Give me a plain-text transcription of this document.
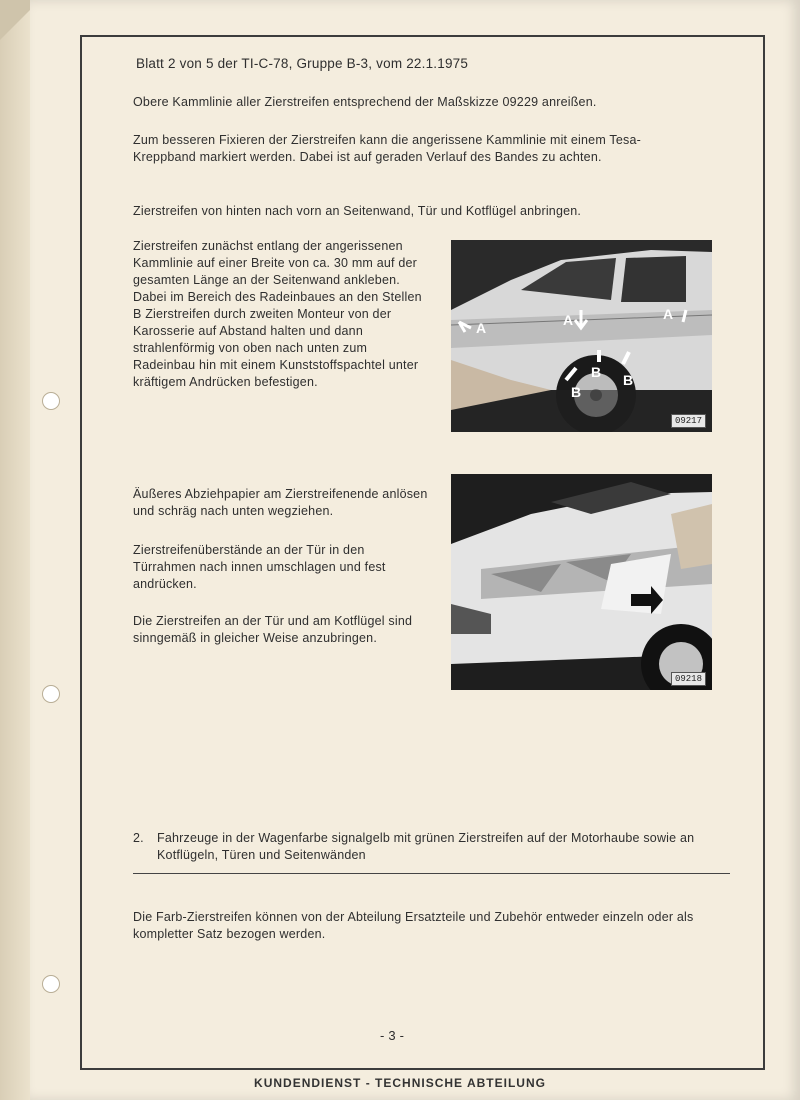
Blatt 2 von 5 der TI-C-78, Gruppe B-3, vom 22.1.1975

Obere Kammlinie aller Zierstreifen entsprechend der Maßskizze 09229 anreißen.

Zum besseren Fixieren der Zierstreifen kann die angerissene Kammlinie mit einem Tesa-Kreppband markiert werden. Dabei ist auf geraden Verlauf des Bandes zu achten.

Zierstreifen von hinten nach vorn an Seitenwand, Tür und Kotflügel anbringen.

Zierstreifen zunächst entlang der angerissenen Kammlinie auf einer Breite von ca. 30 mm auf der gesamten Länge an der Seitenwand ankleben. Dabei im Bereich des Radeinbaues an den Stellen B Zierstreifen durch zweiten Monteur von der Karosserie auf Abstand halten und dann strahlenförmig von oben nach unten zum Radeinbau hin mit einem Kunststoffspachtel unter kräftigem Andrücken befestigen.

A	A	A
B
B B
09217

Äußeres Abziehpapier am Zierstreifenende anlösen und schräg nach unten wegziehen.

Zierstreifenüberstände an der Tür in den Türrahmen nach innen umschlagen und fest andrücken.

Die Zierstreifen an der Tür und am Kotflügel sind sinngemäß in gleicher Weise anzubringen.

09218

2. Fahrzeuge in der Wagenfarbe signalgelb mit grünen Zierstreifen auf der Motorhaube sowie an Kotflügeln, Türen und Seitenwänden

Die Farb-Zierstreifen können von der Abteilung Ersatzteile und Zubehör entweder einzeln oder als kompletter Satz bezogen werden.

- 3 -

KUNDENDIENST - TECHNISCHE ABTEILUNG
